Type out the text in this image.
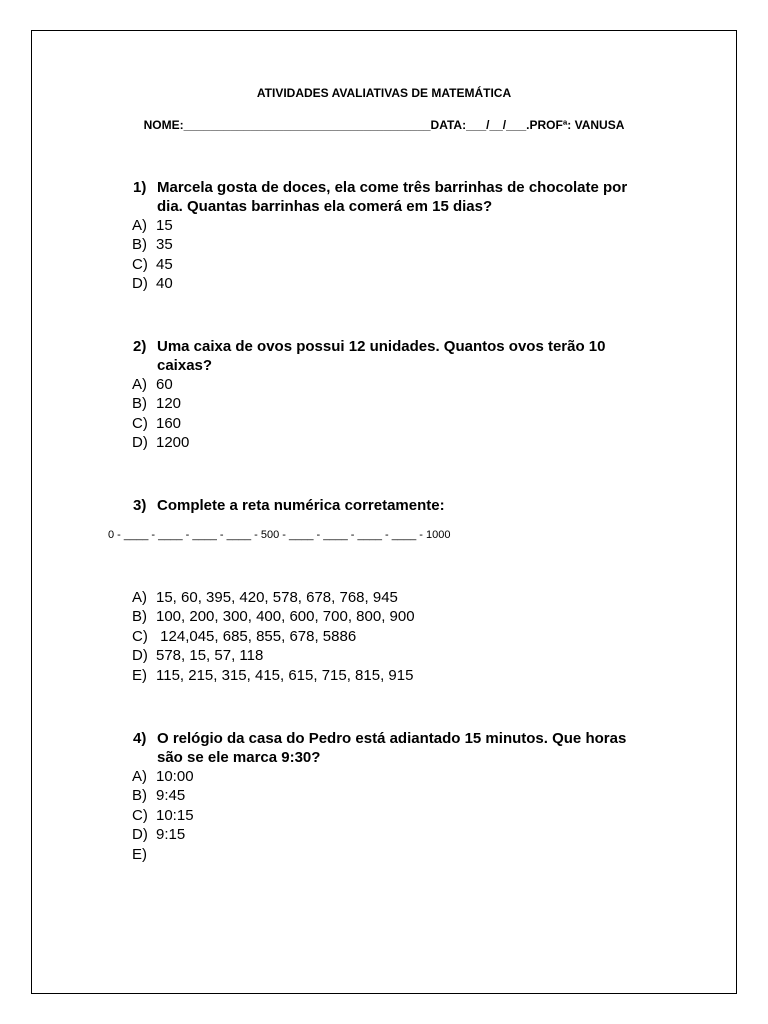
ATIVIDADES AVALIATIVAS DE MATEMÁTICA
NOME:_____________________________________DATA:___/__/___.PROFª: VANUSA
1) Marcela gosta de doces, ela come três barrinhas de chocolate por dia. Quantas barrinhas ela comerá em 15 dias?
A) 15
B) 35
C) 45
D) 40
2) Uma caixa de ovos possui 12 unidades. Quantos ovos terão 10 caixas?
A) 60
B) 120
C) 160
D) 1200
3) Complete a reta numérica corretamente:
0 - ____ - ____ - ____ - ____ - 500 - ____ - ____ - ____ - ____ - 1000
A) 15, 60, 395, 420, 578, 678, 768, 945
B) 100, 200, 300, 400, 600, 700, 800, 900
C) 124,045, 685, 855, 678, 5886
D) 578, 15, 57, 118
E) 115, 215, 315, 415, 615, 715, 815, 915
4) O relógio da casa do Pedro está adiantado 15 minutos. Que horas são se ele marca 9:30?
A) 10:00
B) 9:45
C) 10:15
D) 9:15
E)
